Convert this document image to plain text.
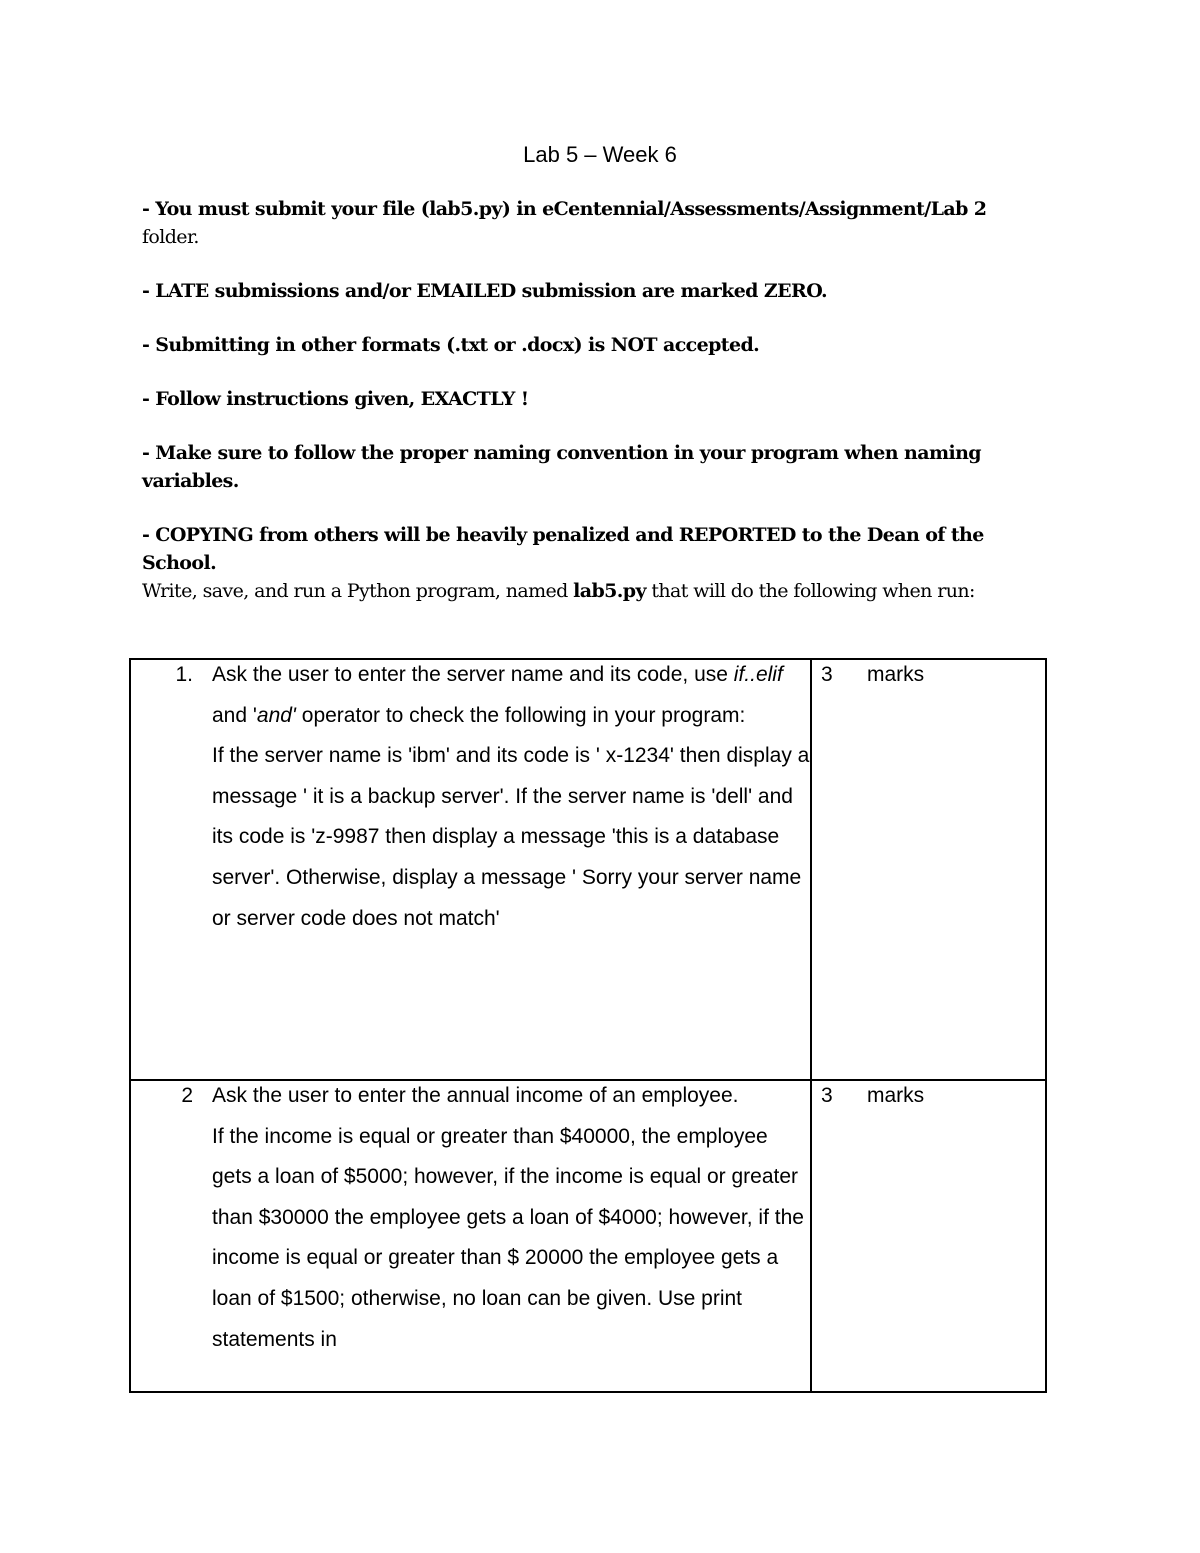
Lab 5 – Week 6

- You must submit your file (lab5.py) in eCentennial/Assessments/Assignment/Lab 2 folder.

- LATE submissions and/or EMAILED submission are marked ZERO.

- Submitting in other formats (.txt or .docx) is NOT accepted.

- Follow instructions given, EXACTLY !

- Make sure to follow the proper naming convention in your program when naming variables.

- COPYING from others will be heavily penalized and REPORTED to the Dean of the School.

Write, save, and run a Python program, named lab5.py that will do the following when run:
1. Ask the user to enter the server name and its code, use if..elif and 'and' operator to check the following in your program:

If the server name is 'ibm' and its code is ' x-1234' then display a message ' it is a backup server'. If the server name is 'dell' and its code is 'z-9987 then display a message 'this is a database server'. Otherwise, display a message ' Sorry your server name or server code does not match'

3 marks
2 Ask the user to enter the annual income of an employee.

If the income is equal or greater than $40000, the employee gets a loan of $5000; however, if the income is equal or greater than $30000 the employee gets a loan of $4000; however, if the income is equal or greater than $ 20000 the employee gets a loan of $1500; otherwise, no loan can be given. Use print statements in

3 marks
